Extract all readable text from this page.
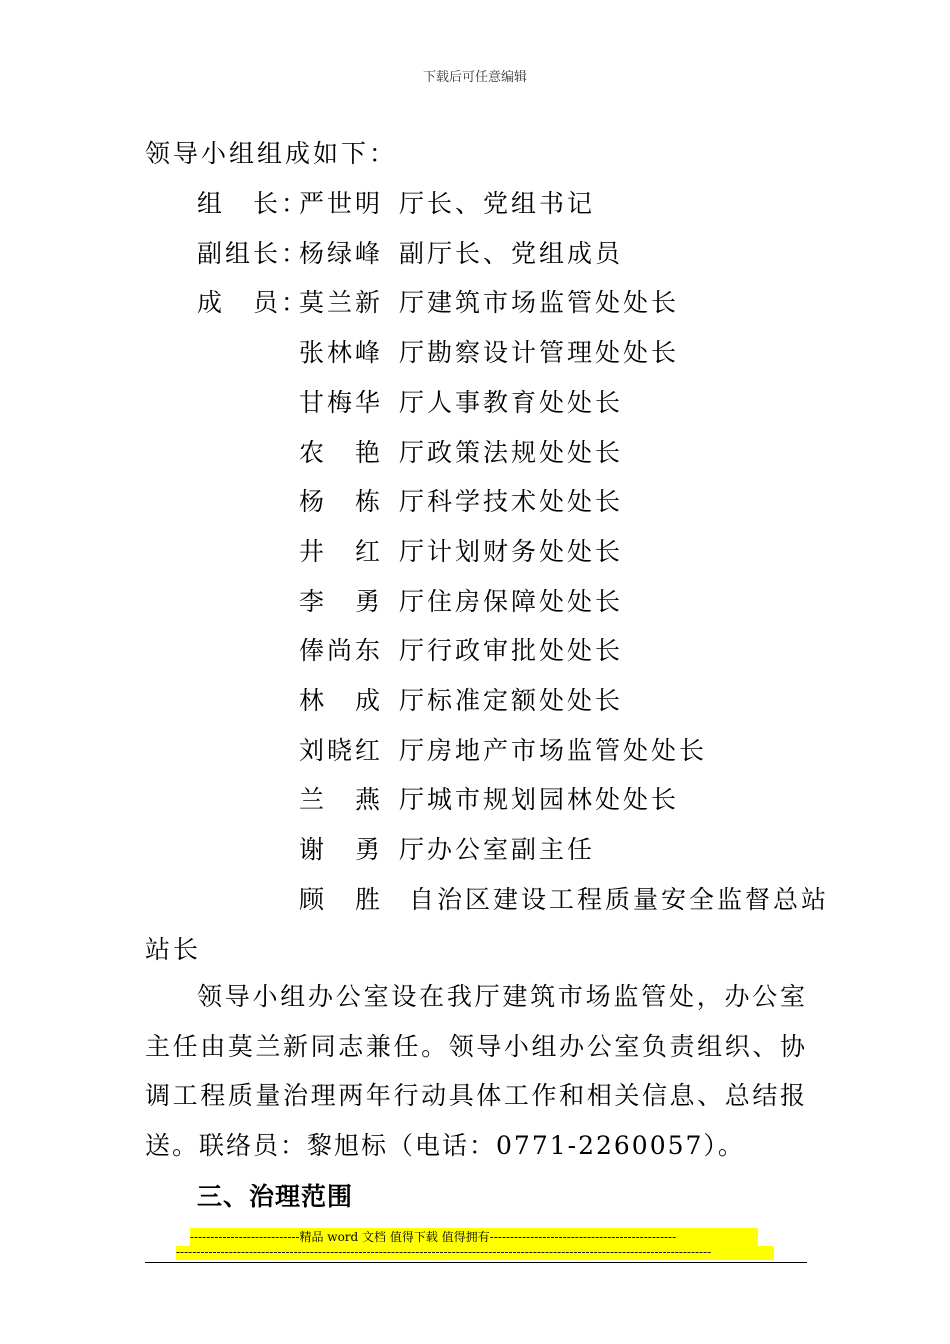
下载后可任意编辑
领导小组组成如下：
组　长：
严世明 厅长、党组书记
副组长：
杨绿峰 副厅长、党组成员
成　员：
莫兰新 厅建筑市场监管处处长
张林峰 厅勘察设计管理处处长
甘梅华 厅人事教育处处长
农　艳 厅政策法规处处长
杨　栋 厅科学技术处处长
井　红 厅计划财务处处长
李　勇 厅住房保障处处长
俸尚东 厅行政审批处处长
林　成 厅标准定额处处长
刘晓红 厅房地产市场监管处处长
兰　燕 厅城市规划园林处处长
谢　勇 厅办公室副主任
顾　胜 自治区建设工程质量安全监督总站
站长
领导小组办公室设在我厅建筑市场监管处，办公室主任由莫兰新同志兼任。领导小组办公室负责组织、协调工程质量治理两年行动具体工作和相关信息、总结报送。联络员：黎旭标（电话：0771-2260057）。
三、治理范围
---------------------------精品 word 文档 值得下载 值得拥有----------------------------------------------
------------------------------------------------------------------------------------------------------------------------------------
